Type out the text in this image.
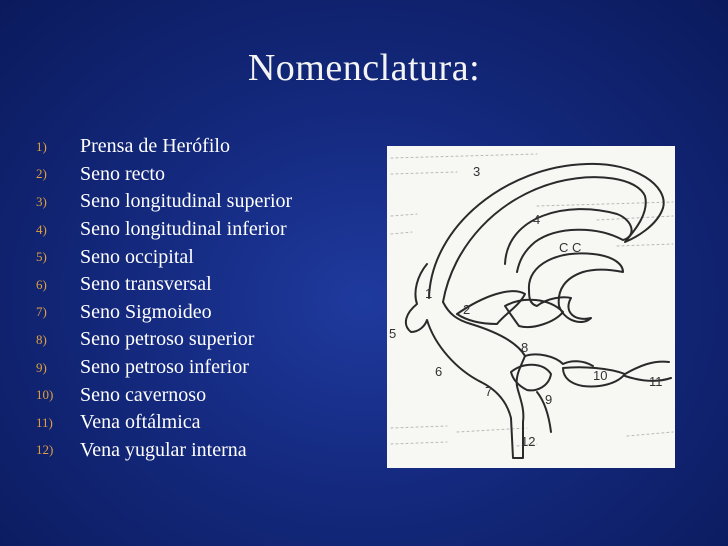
Nomenclatura:
1)	Prensa de Herófilo
2)	Seno recto
3)	Seno longitudinal superior
4)	Seno longitudinal inferior
5)	Seno occipital
6)	Seno transversal
7)	Seno Sigmoideo
8)	Seno petroso superior
9)	Seno petroso inferior
10)	Seno cavernoso
11)	Vena oftálmica
12)	Vena yugular interna
3
4
C C
1
2
5
8
6	10	11
7
9
12
